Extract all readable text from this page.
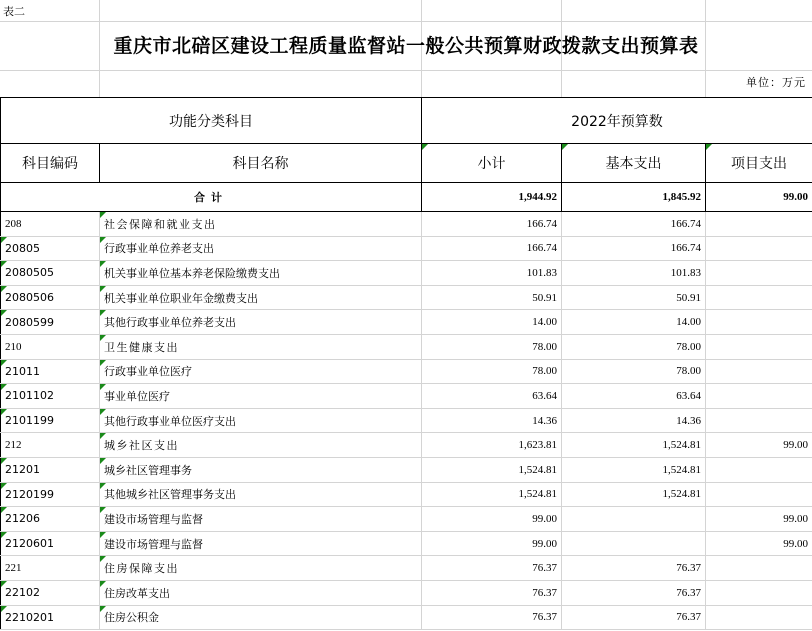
表二
重庆市北碚区建设工程质量监督站一般公共预算财政拨款支出预算表
单位：万元
功能分类科目		2022年预算数		
科目编码	科目名称	小计	基本支出	项目支出

合计		1,944.92	1,845.92	99.00
208	社会保障和就业支出	166.74	166.74	
20805	行政事业单位养老支出	166.74	166.74	
2080505	机关事业单位基本养老保险缴费支出	101.83	101.83	
2080506	机关事业单位职业年金缴费支出	50.91	50.91	
2080599	其他行政事业单位养老支出	14.00	14.00	
210	卫生健康支出	78.00	78.00	
21011	行政事业单位医疗	78.00	78.00	
2101102	事业单位医疗	63.64	63.64	
2101199	其他行政事业单位医疗支出	14.36	14.36	
212	城乡社区支出	1,623.81	1,524.81	99.00
21201	城乡社区管理事务	1,524.81	1,524.81	
2120199	其他城乡社区管理事务支出	1,524.81	1,524.81	
21206	建设市场管理与监督	99.00		99.00
2120601	建设市场管理与监督	99.00		99.00
221	住房保障支出	76.37	76.37	
22102	住房改革支出	76.37	76.37	
2210201	住房公积金	76.37	76.37	
